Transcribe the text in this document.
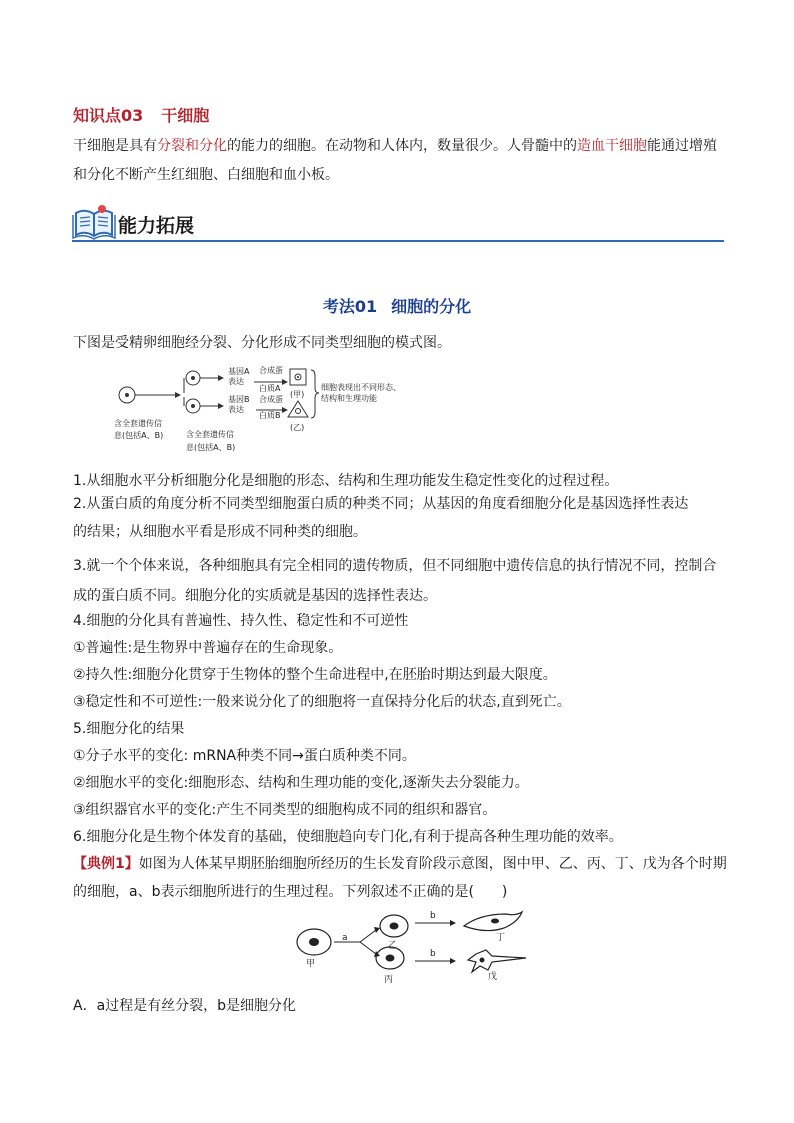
知识点03 干细胞
干细胞是具有分裂和分化的能力的细胞。在动物和人体内，数量很少。人骨髓中的造血干细胞能通过增殖和分化不断产生红细胞、白细胞和血小板。
能力拓展
考法01 细胞的分化
下图是受精卵细胞经分裂、分化形成不同类型细胞的模式图。
基因A
表达
基因B
表达
合成蛋
白质A
合成蛋
白质B
(甲)
(乙)
细胞表现出不同形态、
结构和生理功能
含全套遗传信
息(包括A、B)	含全套遗传信
息(包括A、B)
1.从细胞水平分析细胞分化是细胞的形态、结构和生理功能发生稳定性变化的过程过程。
2.从蛋白质的角度分析不同类型细胞蛋白质的种类不同；从基因的角度看细胞分化是基因选择性表达
的结果；从细胞水平看是形成不同种类的细胞。
3.就一个个体来说，各种细胞具有完全相同的遗传物质，但不同细胞中遗传信息的执行情况不同，控制合
成的蛋白质不同。细胞分化的实质就是基因的选择性表达。
4.细胞的分化具有普遍性、持久性、稳定性和不可逆性
①普遍性:是生物界中普遍存在的生命现象。
②持久性:细胞分化贯穿于生物体的整个生命进程中,在胚胎时期达到最大限度。
③稳定性和不可逆性:一般来说分化了的细胞将一直保持分化后的状态,直到死亡。
5.细胞分化的结果
①分子水平的变化: mRNA种类不同→蛋白质种类不同。
②细胞水平的变化:细胞形态、结构和生理功能的变化,逐渐失去分裂能力。
③组织器官水平的变化:产生不同类型的细胞构成不同的组织和器官。
6.细胞分化是生物个体发育的基础，使细胞趋向专门化,有利于提高各种生理功能的效率。
【典例1】如图为人体某早期胚胎细胞所经历的生长发育阶段示意图，图中甲、乙、丙、丁、戊为各个时期
的细胞，a、b表示细胞所进行的生理过程。下列叙述不正确的是(　　)
甲
a
乙
丙
b
b
丁
戊
A．a过程是有丝分裂，b是细胞分化
